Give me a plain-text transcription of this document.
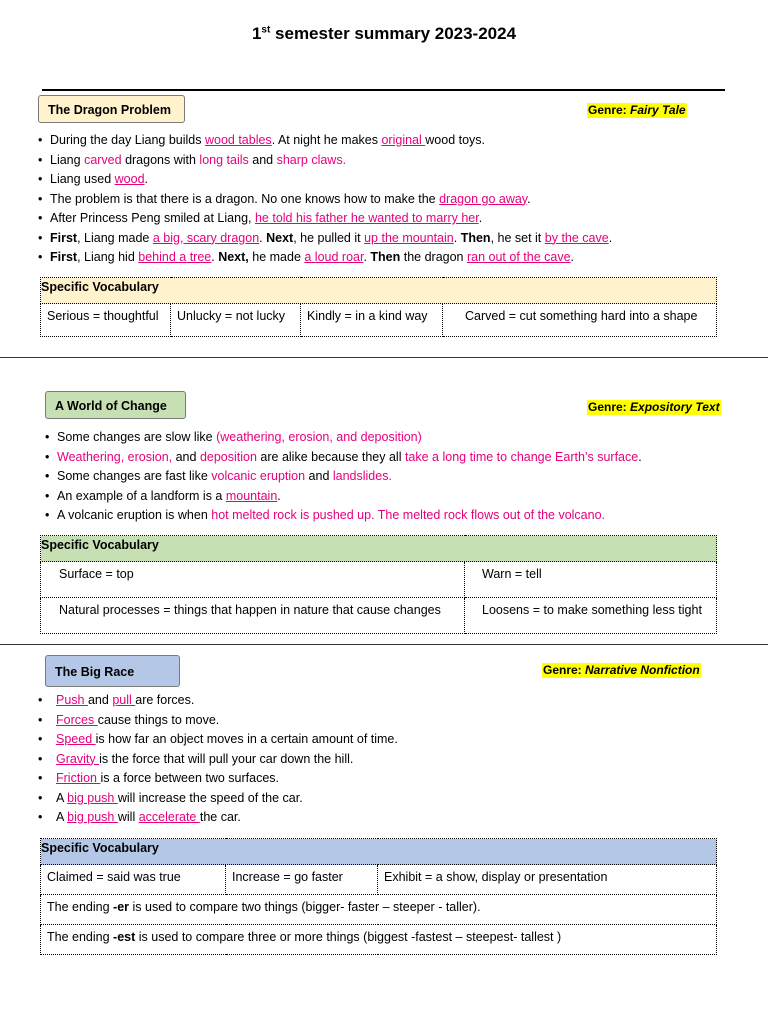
1st semester summary 2023-2024
The Dragon Problem	Genre: Fairy Tale
• During the day Liang builds wood tables. At night he makes original wood toys.
• Liang carved dragons with long tails and sharp claws.
• Liang used wood.
• The problem is that there is a dragon. No one knows how to make the dragon go away.
• After Princess Peng smiled at Liang, he told his father he wanted to marry her.
• First, Liang made a big, scary dragon. Next, he pulled it up the mountain. Then, he set it by the cave.
• First, Liang hid behind a tree. Next, he made a loud roar. Then the dragon ran out of the cave.
Specific Vocabulary
Serious = thoughtful	Unlucky = not lucky	Kindly = in a kind way	Carved = cut something hard into a shape
A World of Change	Genre: Expository Text
• Some changes are slow like (weathering, erosion, and deposition)
• Weathering, erosion, and deposition are alike because they all take a long time to change Earth’s surface.
• Some changes are fast like volcanic eruption and landslides.
• An example of a landform is a mountain.
• A volcanic eruption is when hot melted rock is pushed up. The melted rock flows out of the volcano.
Specific Vocabulary	
Surface = top	Warn = tell
Natural processes = things that happen in nature that cause changes	Loosens = to make something less tight
The Big Race	Genre: Narrative Nonfiction
• Push and pull are forces.
• Forces cause things to move.
• Speed is how far an object moves in a certain amount of time.
• Gravity is the force that will pull your car down the hill.
• Friction is a force between two surfaces.
• A big push will increase the speed of the car.
• A big push will accelerate the car.
Specific Vocabulary
Claimed = said was true	Increase = go faster	Exhibit = a show, display or presentation
The ending -er is used to compare two things (bigger- faster – steeper - taller).
The ending -est is used to compare three or more things (biggest -fastest – steepest- tallest )
